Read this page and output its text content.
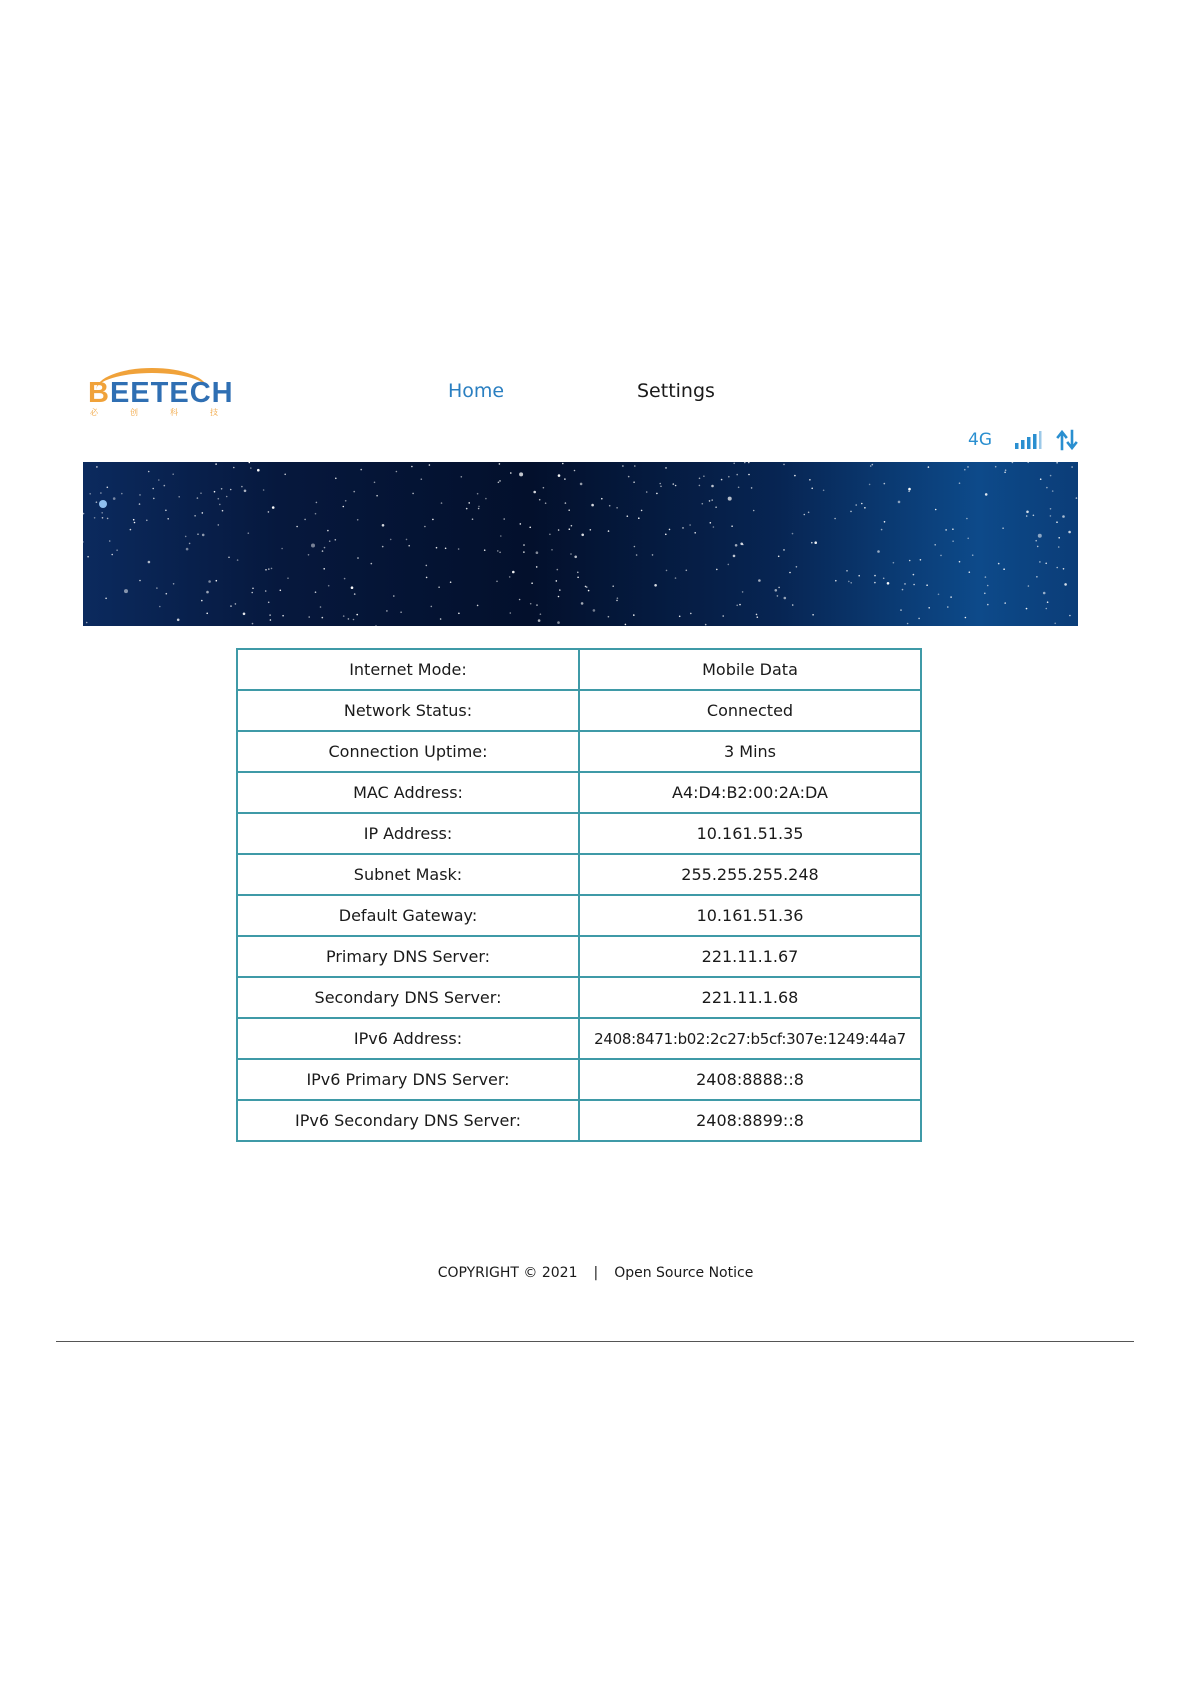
BEETECH
必	创	科	技
Home	Settings
4G
Internet Mode:	Mobile Data
Network Status:	Connected
Connection Uptime:	3 Mins
MAC Address:	A4:D4:B2:00:2A:DA
IP Address:	10.161.51.35
Subnet Mask:	255.255.255.248
Default Gateway:	10.161.51.36
Primary DNS Server:	221.11.1.67
Secondary DNS Server:	221.11.1.68
IPv6 Address:	2408:8471:b02:2c27:b5cf:307e:1249:44a7
IPv6 Primary DNS Server:	2408:8888::8
IPv6 Secondary DNS Server:	2408:8899::8
COPYRIGHT © 2021 | Open Source Notice
